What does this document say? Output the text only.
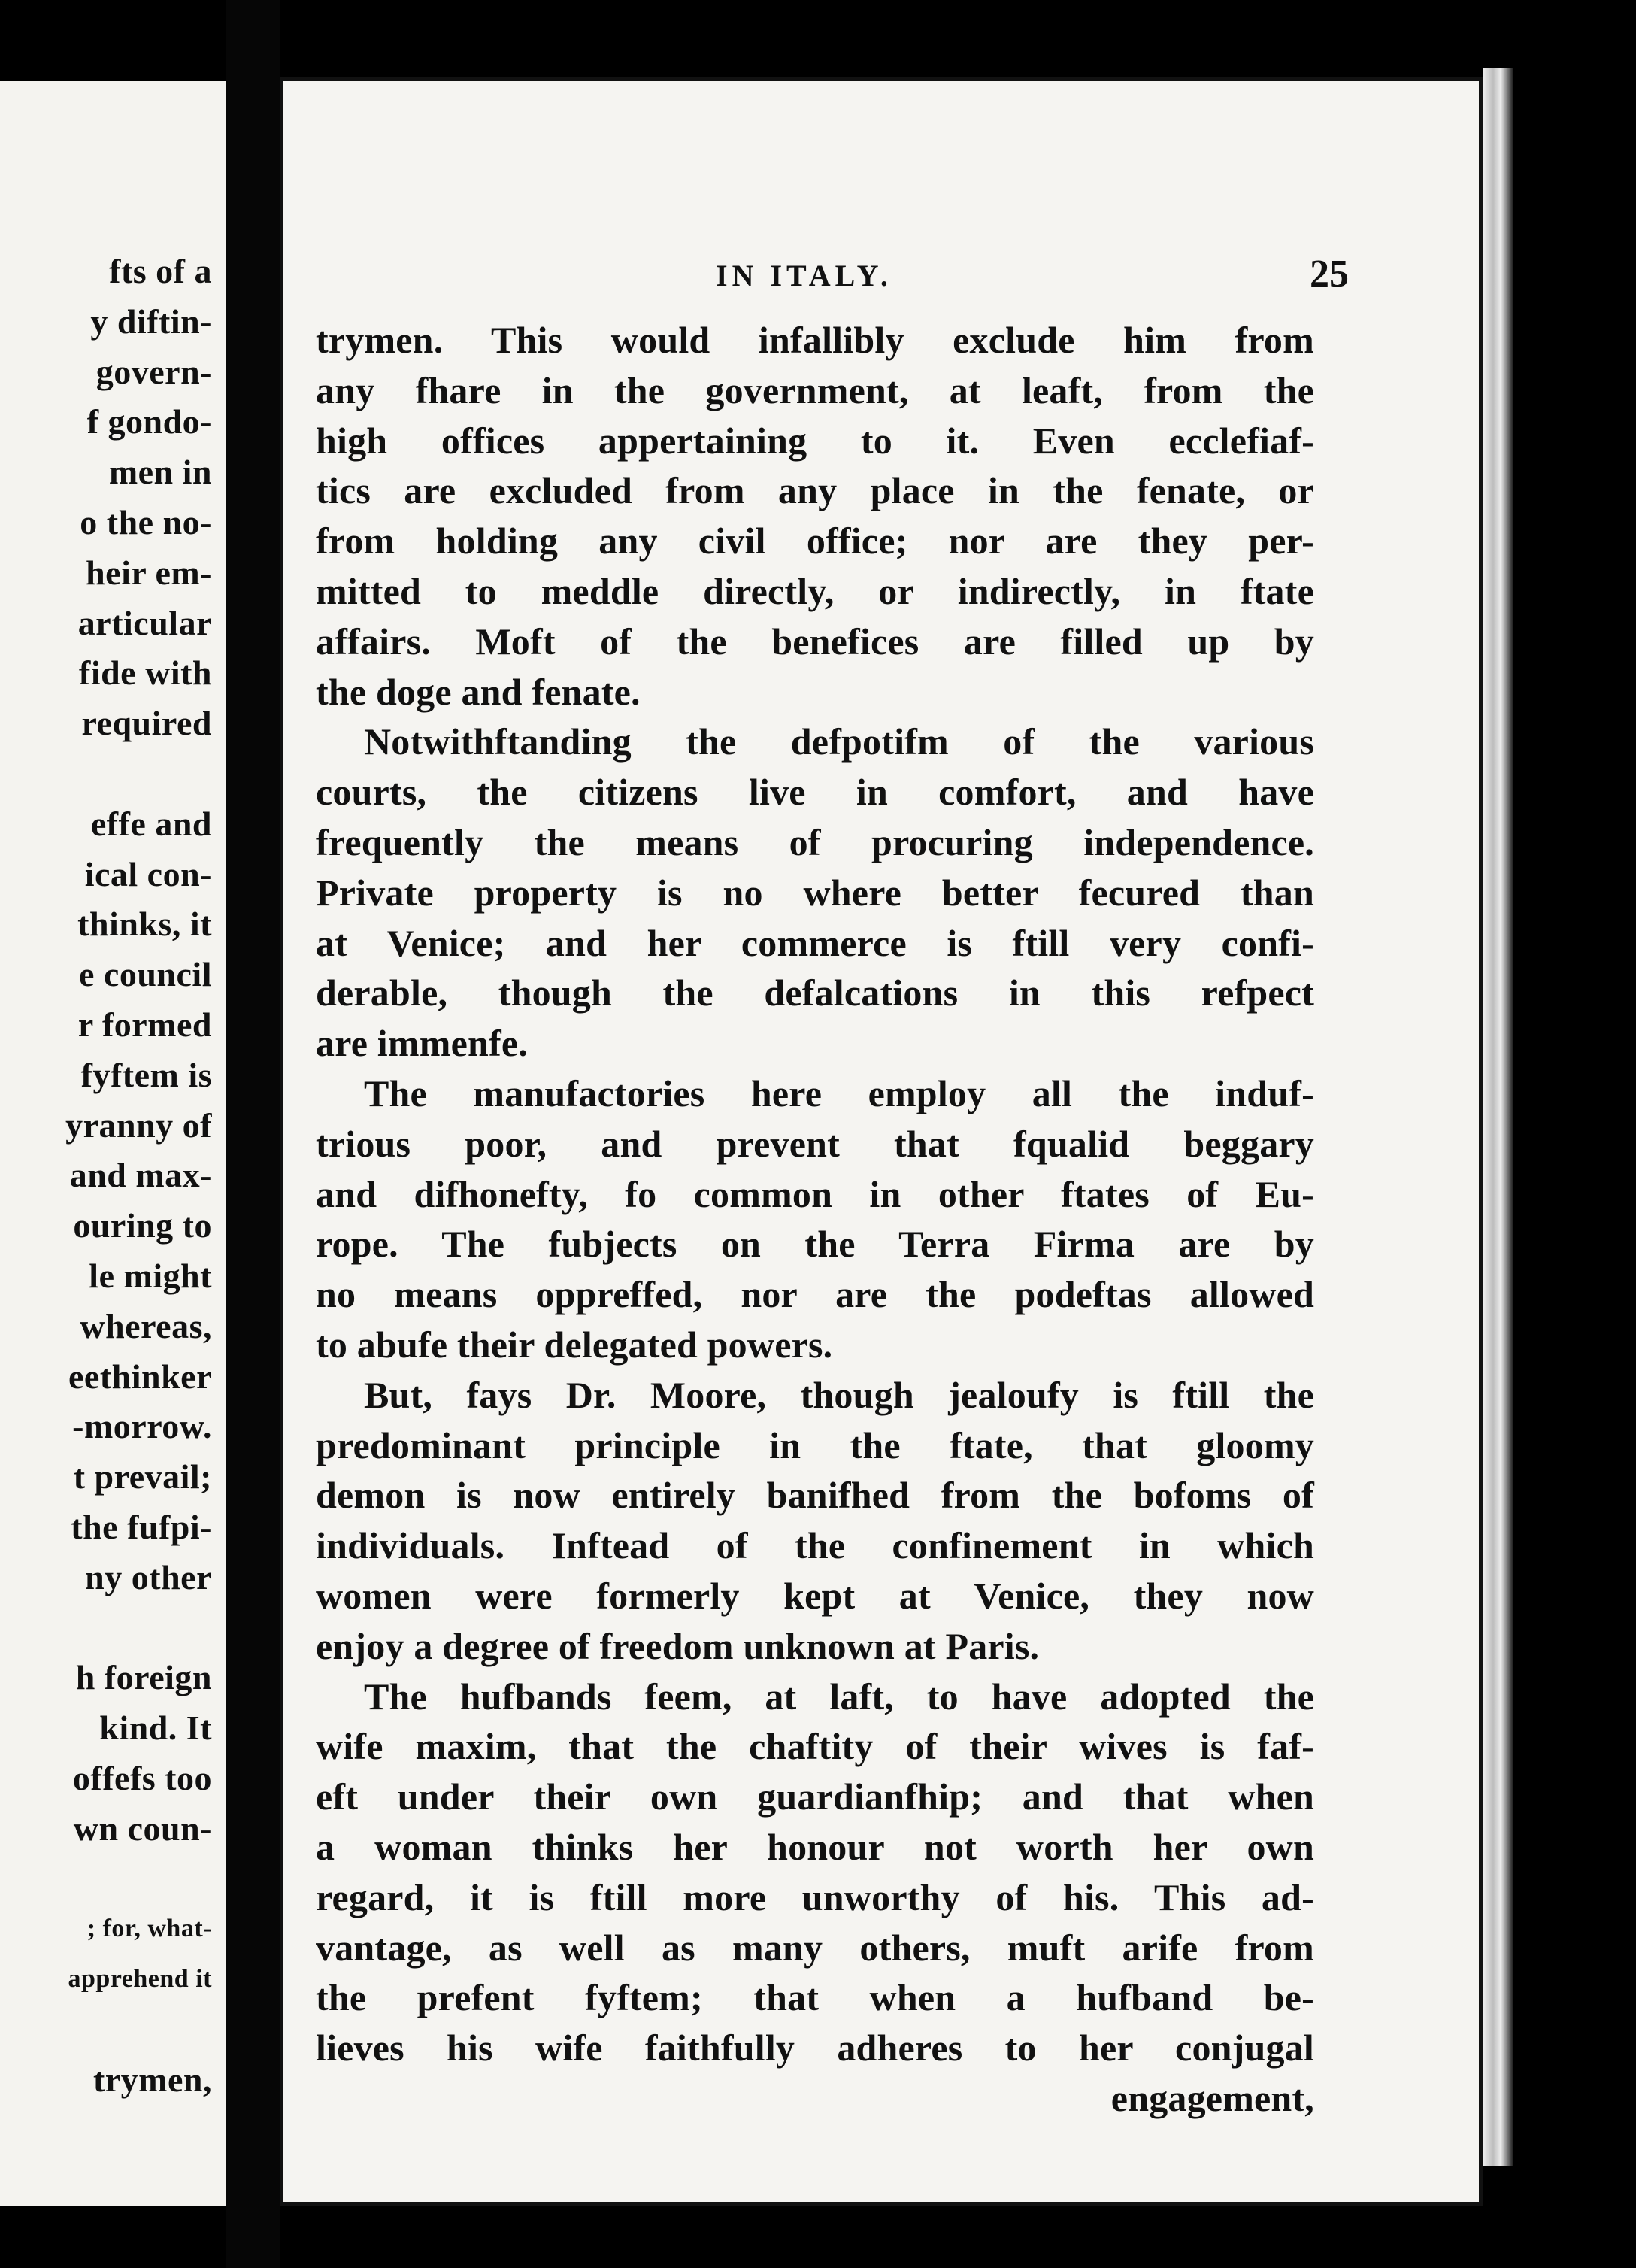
fts of a
y diftin-
govern-
f gondo-
men in
o the no-
heir em-
articular
fide with
required
effe and
ical con-
thinks, it
e council
r formed
fyftem is
yranny of
and max-
ouring to
le might
whereas,
eethinker
-morrow.
t prevail;
the fufpi-
ny other
h foreign
kind. It
offefs too
wn coun-
; for, what-
apprehend it
trymen,
IN ITALY.	25
trymen. This would infallibly exclude him from
any fhare in the government, at leaft, from the
high offices appertaining to it. Even ecclefiaf-
tics are excluded from any place in the fenate, or
from holding any civil office; nor are they per-
mitted to meddle directly, or indirectly, in ftate
affairs. Moft of the benefices are filled up by
the doge and fenate.
Notwithftanding the defpotifm of the various
courts, the citizens live in comfort, and have
frequently the means of procuring independence.
Private property is no where better fecured than
at Venice; and her commerce is ftill very confi-
derable, though the defalcations in this refpect
are immenfe.
The manufactories here employ all the induf-
trious poor, and prevent that fqualid beggary
and difhonefty, fo common in other ftates of Eu-
rope. The fubjects on the Terra Firma are by
no means oppreffed, nor are the podeftas allowed
to abufe their delegated powers.
But, fays Dr. Moore, though jealoufy is ftill the
predominant principle in the ftate, that gloomy
demon is now entirely banifhed from the bofoms of
individuals. Inftead of the confinement in which
women were formerly kept at Venice, they now
enjoy a degree of freedom unknown at Paris.
The hufbands feem, at laft, to have adopted the
wife maxim, that the chaftity of their wives is faf-
eft under their own guardianfhip; and that when
a woman thinks her honour not worth her own
regard, it is ftill more unworthy of his. This ad-
vantage, as well as many others, muft arife from
the prefent fyftem; that when a hufband be-
lieves his wife faithfully adheres to her conjugal
engagement,
